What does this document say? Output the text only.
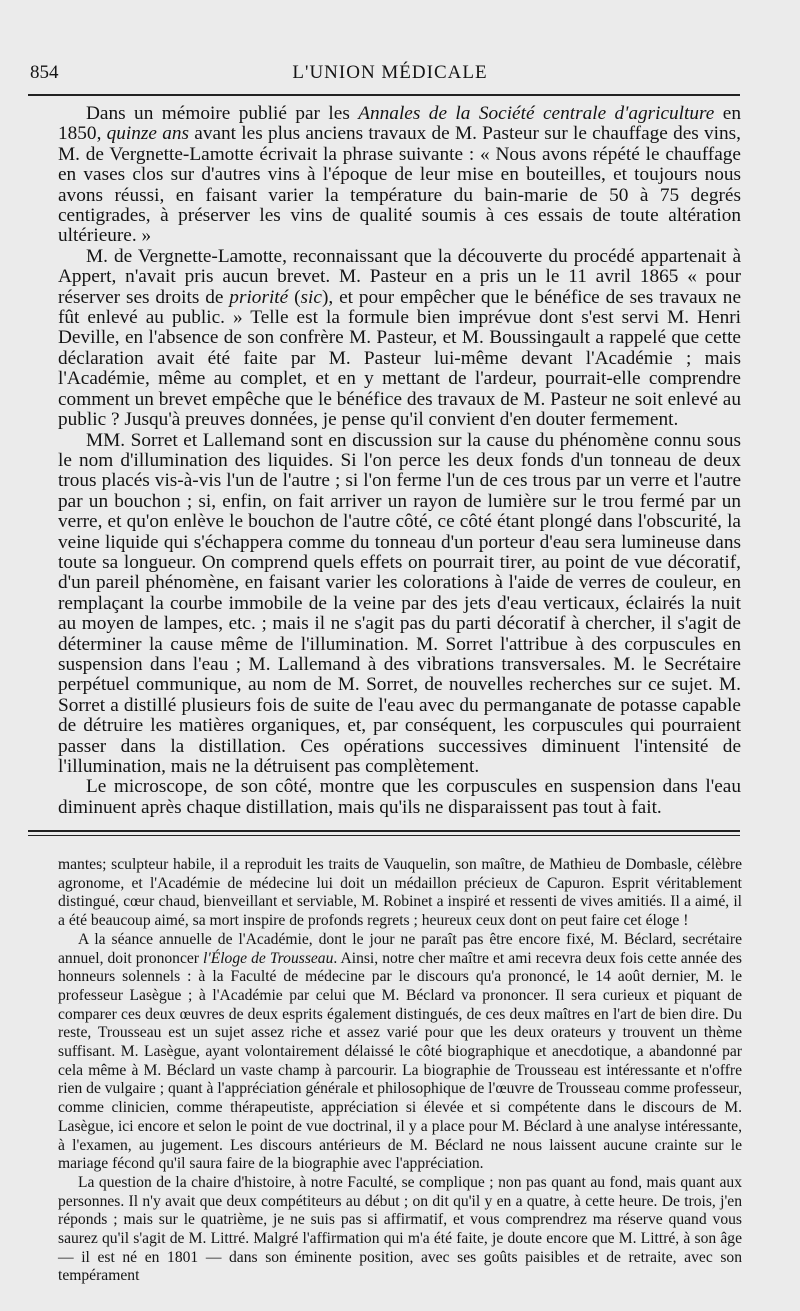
854	L'UNION MÉDICALE

Dans un mémoire publié par les Annales de la Société centrale d'agriculture en 1850, quinze ans avant les plus anciens travaux de M. Pasteur sur le chauffage des vins, M. de Vergnette-Lamotte écrivait la phrase suivante : « Nous avons répété le chauffage en vases clos sur d'autres vins à l'époque de leur mise en bouteilles, et toujours nous avons réussi, en faisant varier la température du bain-marie de 50 à 75 degrés centigrades, à préserver les vins de qualité soumis à ces essais de toute altération ultérieure. »

M. de Vergnette-Lamotte, reconnaissant que la découverte du procédé appartenait à Appert, n'avait pris aucun brevet. M. Pasteur en a pris un le 11 avril 1865 « pour réserver ses droits de priorité (sic), et pour empêcher que le bénéfice de ses travaux ne fût enlevé au public. » Telle est la formule bien imprévue dont s'est servi M. Henri Deville, en l'absence de son confrère M. Pasteur, et M. Boussingault a rappelé que cette déclaration avait été faite par M. Pasteur lui-même devant l'Académie ; mais l'Académie, même au complet, et en y mettant de l'ardeur, pourrait-elle comprendre comment un brevet empêche que le bénéfice des travaux de M. Pasteur ne soit enlevé au public ? Jusqu'à preuves données, je pense qu'il convient d'en douter fermement.

MM. Sorret et Lallemand sont en discussion sur la cause du phénomène connu sous le nom d'illumination des liquides. Si l'on perce les deux fonds d'un tonneau de deux trous placés vis-à-vis l'un de l'autre ; si l'on ferme l'un de ces trous par un verre et l'autre par un bouchon ; si, enfin, on fait arriver un rayon de lumière sur le trou fermé par un verre, et qu'on enlève le bouchon de l'autre côté, ce côté étant plongé dans l'obscurité, la veine liquide qui s'échappera comme du tonneau d'un porteur d'eau sera lumineuse dans toute sa longueur. On comprend quels effets on pourrait tirer, au point de vue décoratif, d'un pareil phénomène, en faisant varier les colorations à l'aide de verres de couleur, en remplaçant la courbe immobile de la veine par des jets d'eau verticaux, éclairés la nuit au moyen de lampes, etc. ; mais il ne s'agit pas du parti décoratif à chercher, il s'agit de déterminer la cause même de l'illumination. M. Sorret l'attribue à des corpuscules en suspension dans l'eau ; M. Lallemand à des vibrations transversales. M. le Secrétaire perpétuel communique, au nom de M. Sorret, de nouvelles recherches sur ce sujet. M. Sorret a distillé plusieurs fois de suite de l'eau avec du permanganate de potasse capable de détruire les matières organiques, et, par conséquent, les corpuscules qui pourraient passer dans la distillation. Ces opérations successives diminuent l'intensité de l'illumination, mais ne la détruisent pas complètement.

Le microscope, de son côté, montre que les corpuscules en suspension dans l'eau diminuent après chaque distillation, mais qu'ils ne disparaissent pas tout à fait.

mantes; sculpteur habile, il a reproduit les traits de Vauquelin, son maître, de Mathieu de Dombasle, célèbre agronome, et l'Académie de médecine lui doit un médaillon précieux de Capuron. Esprit véritablement distingué, cœur chaud, bienveillant et serviable, M. Robinet a inspiré et ressenti de vives amitiés. Il a aimé, il a été beaucoup aimé, sa mort inspire de profonds regrets ; heureux ceux dont on peut faire cet éloge !

A la séance annuelle de l'Académie, dont le jour ne paraît pas être encore fixé, M. Béclard, secrétaire annuel, doit prononcer l'Éloge de Trousseau. Ainsi, notre cher maître et ami recevra deux fois cette année des honneurs solennels : à la Faculté de médecine par le discours qu'a prononcé, le 14 août dernier, M. le professeur Lasègue ; à l'Académie par celui que M. Béclard va prononcer. Il sera curieux et piquant de comparer ces deux œuvres de deux esprits également distingués, de ces deux maîtres en l'art de bien dire. Du reste, Trousseau est un sujet assez riche et assez varié pour que les deux orateurs y trouvent un thème suffisant. M. Lasègue, ayant volontairement délaissé le côté biographique et anecdotique, a abandonné par cela même à M. Béclard un vaste champ à parcourir. La biographie de Trousseau est intéressante et n'offre rien de vulgaire ; quant à l'appréciation générale et philosophique de l'œuvre de Trousseau comme professeur, comme clinicien, comme thérapeutiste, appréciation si élevée et si compétente dans le discours de M. Lasègue, ici encore et selon le point de vue doctrinal, il y a place pour M. Béclard à une analyse intéressante, à l'examen, au jugement. Les discours antérieurs de M. Béclard ne nous laissent aucune crainte sur le mariage fécond qu'il saura faire de la biographie avec l'appréciation.

La question de la chaire d'histoire, à notre Faculté, se complique ; non pas quant au fond, mais quant aux personnes. Il n'y avait que deux compétiteurs au début ; on dit qu'il y en a quatre, à cette heure. De trois, j'en réponds ; mais sur le quatrième, je ne suis pas si affirmatif, et vous comprendrez ma réserve quand vous saurez qu'il s'agit de M. Littré. Malgré l'affirmation qui m'a été faite, je doute encore que M. Littré, à son âge — il est né en 1801 — dans son éminente position, avec ses goûts paisibles et de retraite, avec son tempérament
